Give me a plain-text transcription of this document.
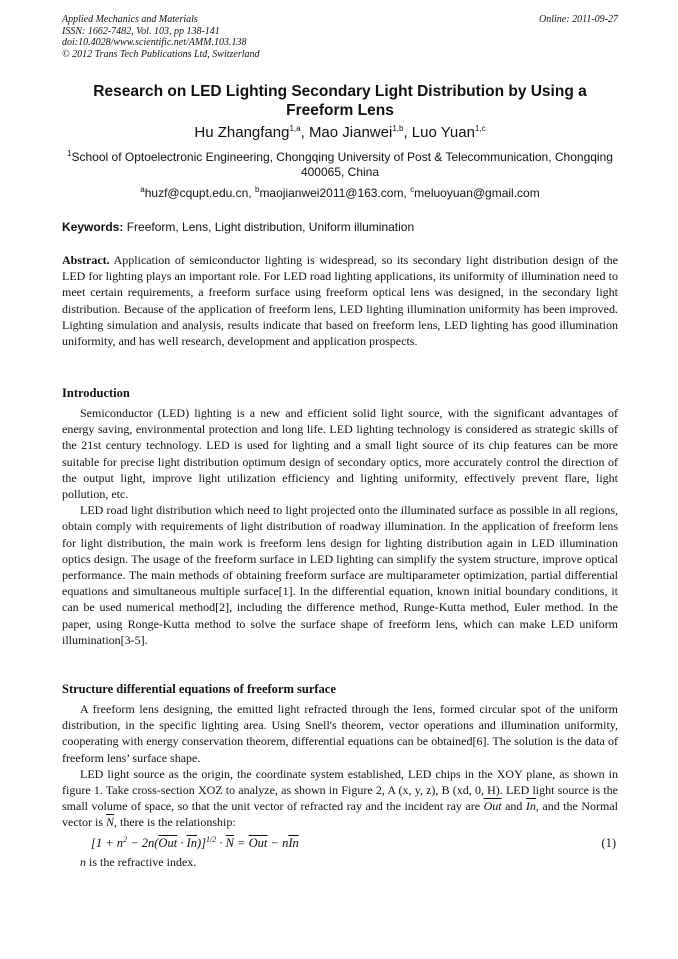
Applied Mechanics and Materials
ISSN: 1662-7482, Vol. 103, pp 138-141
doi:10.4028/www.scientific.net/AMM.103.138
© 2012 Trans Tech Publications Ltd, Switzerland
Online: 2011-09-27
Research on LED Lighting Secondary Light Distribution by Using a Freeform Lens
Hu Zhangfang$^{1,a}$, Mao Jianwei$^{1,b}$, Luo Yuan$^{1,c}$
$^1$School of Optoelectronic Engineering, Chongqing University of Post & Telecommunication, Chongqing 400065, China
$^a$huzf@cqupt.edu.cn, $^b$maojianwei2011@163.com, $^c$meluoyuan@gmail.com
Keywords: Freeform, Lens, Light distribution, Uniform illumination

Abstract. Application of semiconductor lighting is widespread, so its secondary light distribution design of the LED for lighting plays an important role. For LED road lighting applications, its uniformity of illumination need to meet certain requirements, a freeform surface using freeform optical lens was designed, in the secondary light distribution. Because of the application of freeform lens, LED lighting illumination uniformity has been improved. Lighting simulation and analysis, results indicate that based on freeform lens, LED lighting has good illumination uniformity, and has well research, development and application prospects.

Introduction

Semiconductor (LED) lighting is a new and efficient solid light source, with the significant advantages of energy saving, environmental protection and long life. LED lighting technology is considered as strategic skills of the 21st century technology. LED is used for lighting and a small light source of its chip features can be more suitable for precise light distribution optimum design of secondary optics, more accurately control the direction of the output light, improve light utilization efficiency and lighting uniformity, effectively prevent flare, light pollution, etc.

LED road light distribution which need to light projected onto the illuminated surface as possible in all regions, obtain comply with requirements of light distribution of roadway illumination. In the application of freeform lens for light distribution, the main work is freeform lens design for lighting distribution again in LED illumination optics design. The usage of the freeform surface in LED lighting can simplify the system structure, improve optical performance. The main methods of obtaining freeform surface are multiparameter optimization, partial differential equations and simultaneous multiple surface[1]. In the differential equation, known initial boundary conditions, it can be used numerical method[2], including the difference method, Runge-Kutta method, Euler method. In the paper, using Ronge-Kutta method to solve the surface shape of freeform lens, which can make LED uniform illumination[3-5].

Structure differential equations of freeform surface

A freeform lens designing, the emitted light refracted through the lens, formed circular spot of the uniform distribution, in the specific lighting area. Using Snell's theorem, vector operations and illumination uniformity, cooperating with energy conservation theorem, differential equations can be obtained[6]. The solution is the data of freeform lens’ surface shape.

LED light source as the origin, the coordinate system established, LED chips in the XOY plane, as shown in figure 1. Take cross-section XOZ to analyze, as shown in Figure 2, A (x, y, z), B (xd, 0, H). LED light source is the small volume of space, so that the unit vector of refracted ray and the incident ray are $\overline{Out}$ and $\overline{In}$, and the Normal vector is $\overline{N}$, there is the relationship:

$[1 + n^2 - 2n(\overline{Out} \cdot \overline{In})]^{1/2} \cdot \overline{N} = \overline{Out} - n\overline{In}$	(1)
n is the refractive index.
